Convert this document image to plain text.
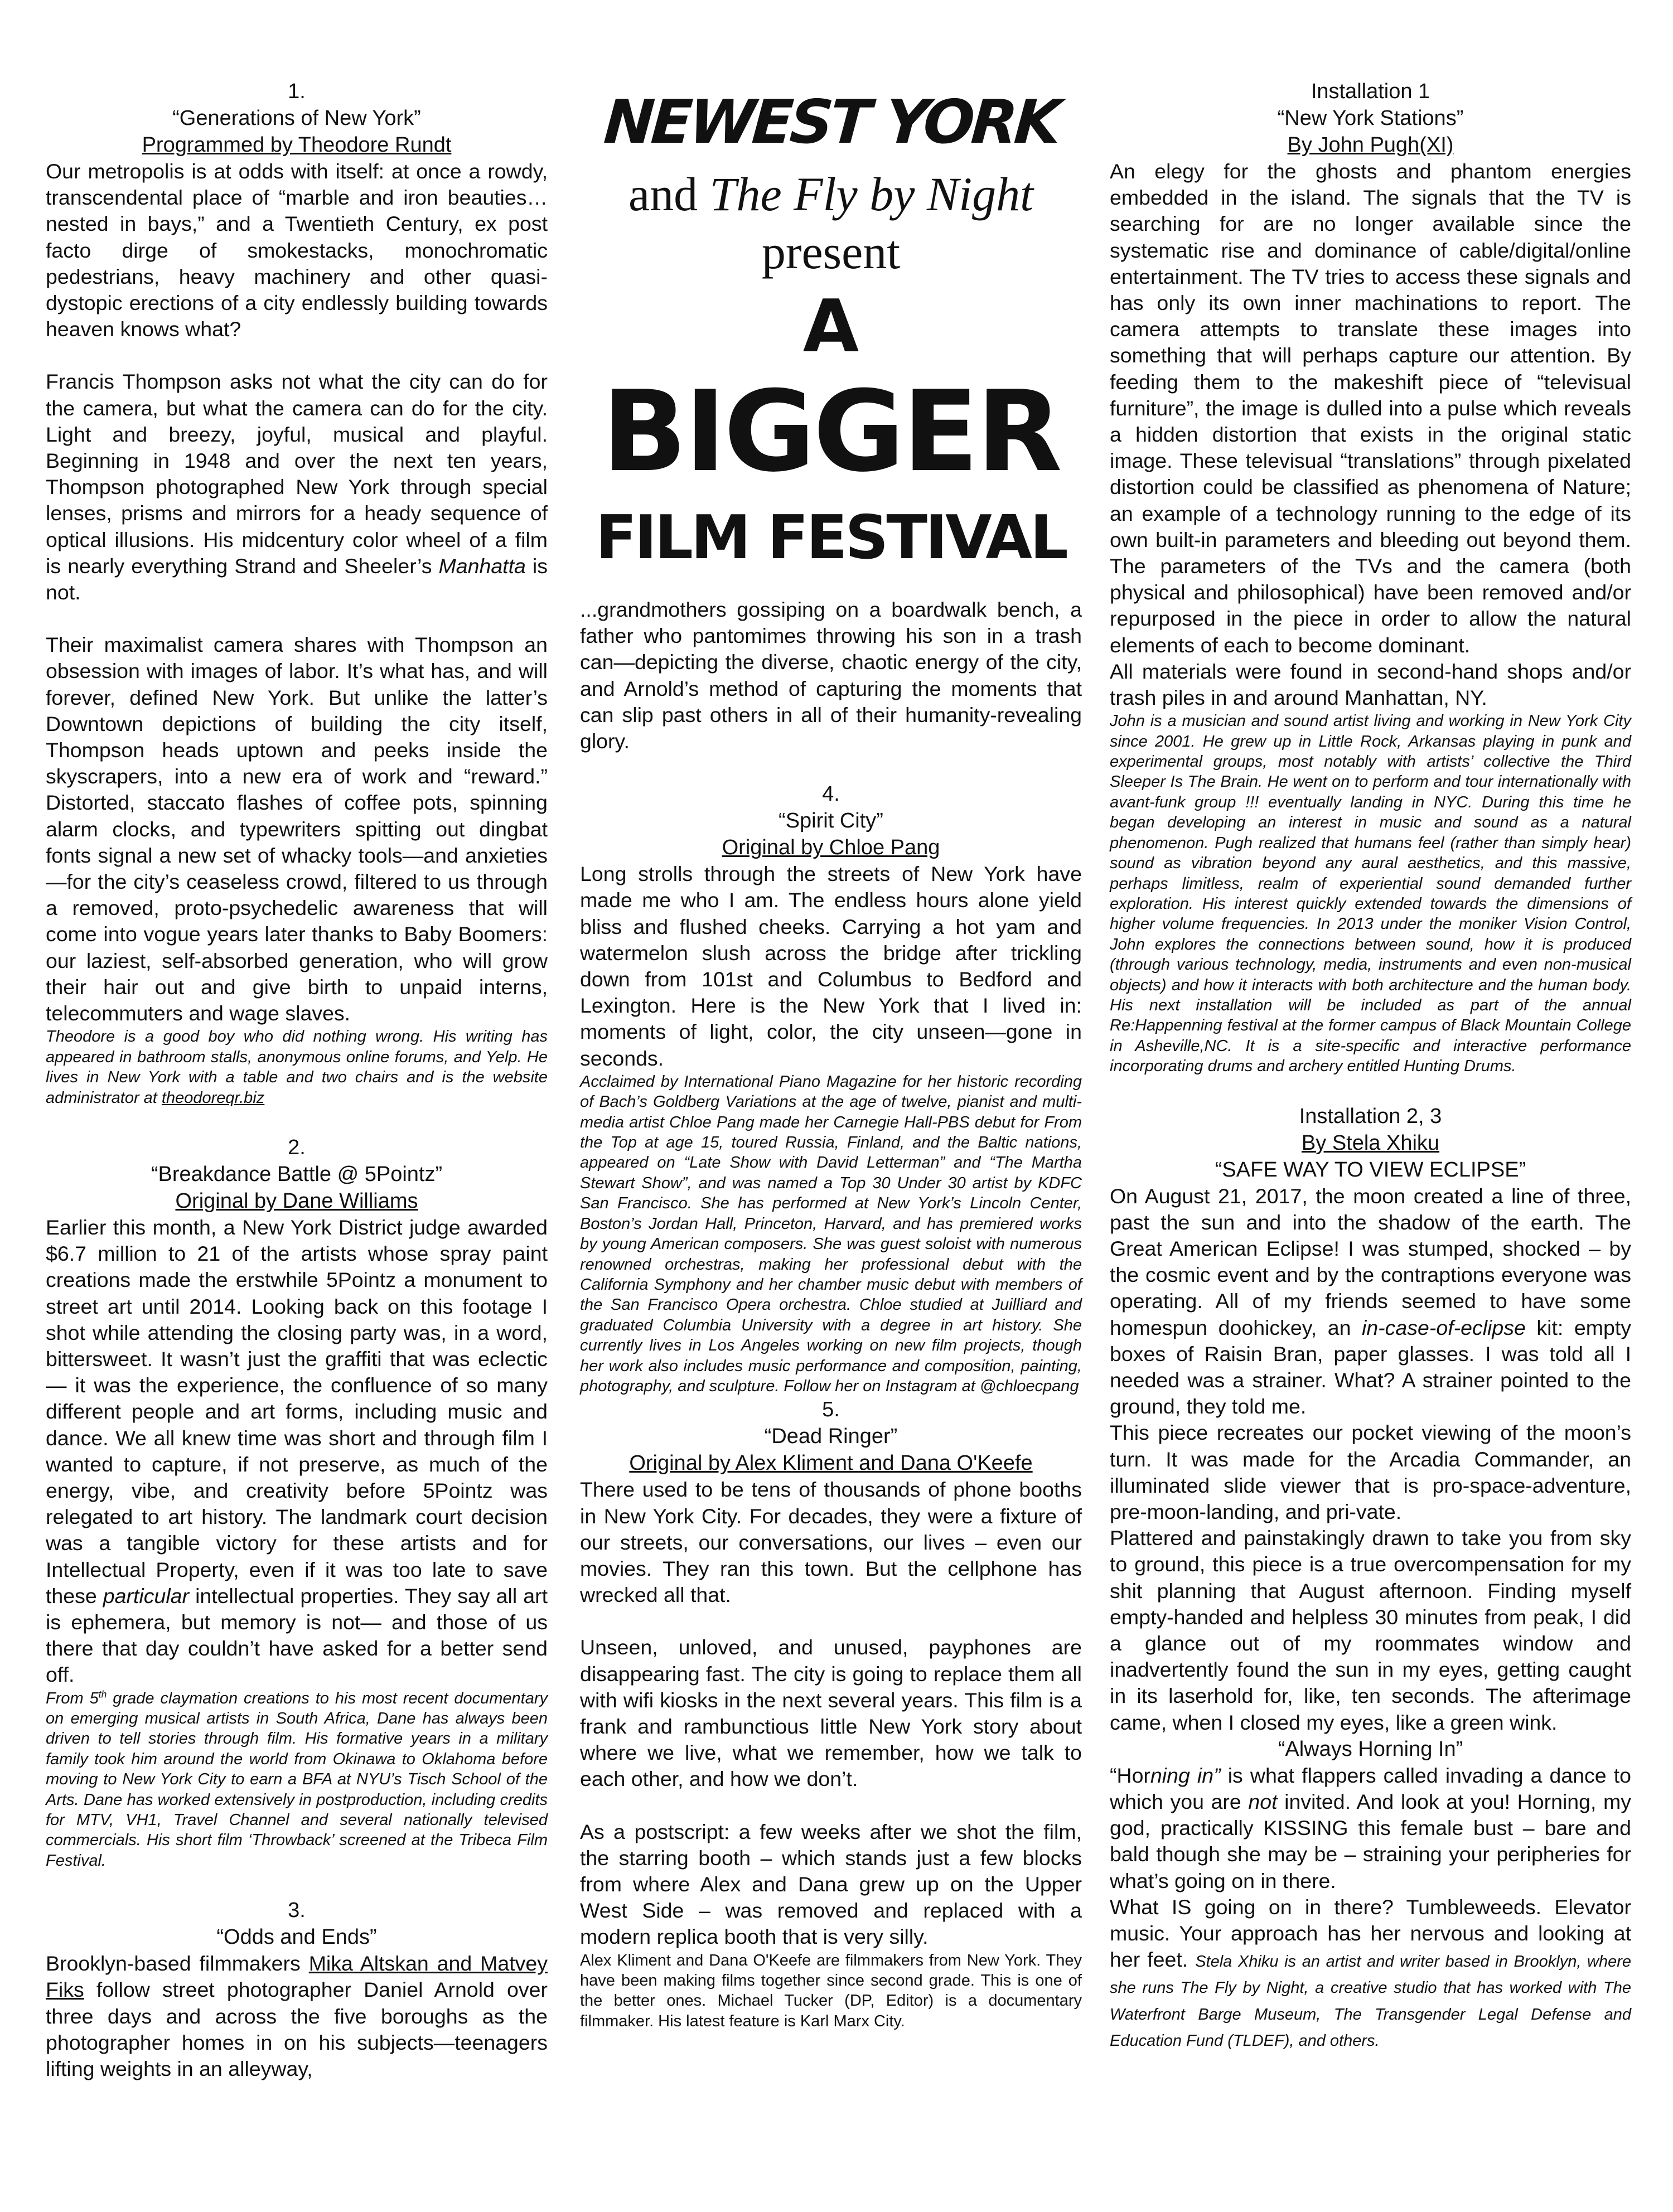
1.
“Generations of New York”
Programmed by Theodore Rundt

Our metropolis is at odds with itself: at once a rowdy, transcendental place of “marble and iron beauties… nested in bays,” and a Twentieth Century, ex post facto dirge of smokestacks, monochromatic pedestrians, heavy machinery and other quasi-dystopic erections of a city endlessly building towards heaven knows what?

Francis Thompson asks not what the city can do for the camera, but what the camera can do for the city. Light and breezy, joyful, musical and playful. Beginning in 1948 and over the next ten years, Thompson photographed New York through special lenses, prisms and mirrors for a heady sequence of optical illusions. His midcentury color wheel of a film is nearly everything Strand and Sheeler’s Manhatta is not.

Their maximalist camera shares with Thompson an obsession with images of labor. It’s what has, and will forever, defined New York. But unlike the latter’s Downtown depictions of building the city itself, Thompson heads uptown and peeks inside the skyscrapers, into a new era of work and “reward.” Distorted, staccato flashes of coffee pots, spinning alarm clocks, and typewriters spitting out dingbat fonts signal a new set of whacky tools—and anxieties—for the city’s ceaseless crowd, filtered to us through a removed, proto-psychedelic awareness that will come into vogue years later thanks to Baby Boomers: our laziest, self-absorbed generation, who will grow their hair out and give birth to unpaid interns, telecommuters and wage slaves.

Theodore is a good boy who did nothing wrong. His writing has appeared in bathroom stalls, anonymous online forums, and Yelp. He lives in New York with a table and two chairs and is the website administrator at theodoreqr.biz

2.
“Breakdance Battle @ 5Pointz”
Original by Dane Williams

Earlier this month, a New York District judge awarded $6.7 million to 21 of the artists whose spray paint creations made the erstwhile 5Pointz a monument to street art until 2014. Looking back on this footage I shot while attending the closing party was, in a word, bittersweet. It wasn’t just the graffiti that was eclectic— it was the experience, the confluence of so many different people and art forms, including music and dance. We all knew time was short and through film I wanted to capture, if not preserve, as much of the energy, vibe, and creativity before 5Pointz was relegated to art history. The landmark court decision was a tangible victory for these artists and for Intellectual Property, even if it was too late to save these particular intellectual properties. They say all art is ephemera, but memory is not— and those of us there that day couldn’t have asked for a better send off.

From 5th grade claymation creations to his most recent documentary on emerging musical artists in South Africa, Dane has always been driven to tell stories through film. His formative years in a military family took him around the world from Okinawa to Oklahoma before moving to New York City to earn a BFA at NYU’s Tisch School of the Arts. Dane has worked extensively in postproduction, including credits for MTV, VH1, Travel Channel and several nationally televised commercials. His short film ‘Throwback’ screened at the Tribeca Film Festival.

3.
“Odds and Ends”

Brooklyn-based filmmakers Mika Altskan and Matvey Fiks follow street photographer Daniel Arnold over three days and across the five boroughs as the photographer homes in on his subjects—teenagers lifting weights in an alleyway,

NEWEST YORK

and The Fly by Night

present

A

BIGGER

FILM FESTIVAL

...grandmothers gossiping on a boardwalk bench, a father who pantomimes throwing his son in a trash can—depicting the diverse, chaotic energy of the city, and Arnold’s method of capturing the moments that can slip past others in all of their humanity-revealing glory.

4.
“Spirit City”
Original by Chloe Pang

Long strolls through the streets of New York have made me who I am. The endless hours alone yield bliss and flushed cheeks. Carrying a hot yam and watermelon slush across the bridge after trickling down from 101st and Columbus to Bedford and Lexington. Here is the New York that I lived in: moments of light, color, the city unseen—gone in seconds.

Acclaimed by International Piano Magazine for her historic recording of Bach’s Goldberg Variations at the age of twelve, pianist and multi-media artist Chloe Pang made her Carnegie Hall-PBS debut for From the Top at age 15, toured Russia, Finland, and the Baltic nations, appeared on “Late Show with David Letterman” and “The Martha Stewart Show”, and was named a Top 30 Under 30 artist by KDFC San Francisco. She has performed at New York’s Lincoln Center, Boston’s Jordan Hall, Princeton, Harvard, and has premiered works by young American composers. She was guest soloist with numerous renowned orchestras, making her professional debut with the California Symphony and her chamber music debut with members of the San Francisco Opera orchestra. Chloe studied at Juilliard and graduated Columbia University with a degree in art history. She currently lives in Los Angeles working on new film projects, though her work also includes music performance and composition, painting, photography, and sculpture. Follow her on Instagram at @chloecpang

5.
“Dead Ringer”
Original by Alex Kliment and Dana O'Keefe

There used to be tens of thousands of phone booths in New York City. For decades, they were a fixture of our streets, our conversations, our lives – even our movies. They ran this town. But the cellphone has wrecked all that.

Unseen, unloved, and unused, payphones are disappearing fast. The city is going to replace them all with wifi kiosks in the next several years. This film is a frank and rambunctious little New York story about where we live, what we remember, how we talk to each other, and how we don’t.

As a postscript: a few weeks after we shot the film, the starring booth – which stands just a few blocks from where Alex and Dana grew up on the Upper West Side – was removed and replaced with a modern replica booth that is very silly.

Alex Kliment and Dana O'Keefe are filmmakers from New York. They have been making films together since second grade. This is one of the better ones. Michael Tucker (DP, Editor) is a documentary filmmaker. His latest feature is Karl Marx City.

Installation 1
“New York Stations”
By John Pugh(XI)

An elegy for the ghosts and phantom energies embedded in the island. The signals that the TV is searching for are no longer available since the systematic rise and dominance of cable/digital/online entertainment. The TV tries to access these signals and has only its own inner machinations to report. The camera attempts to translate these images into something that will perhaps capture our attention. By feeding them to the makeshift piece of “televisual furniture”, the image is dulled into a pulse which reveals a hidden distortion that exists in the original static image. These televisual “translations” through pixelated distortion could be classified as phenomena of Nature; an example of a technology running to the edge of its own built-in parameters and bleeding out beyond them. The parameters of the TVs and the camera (both physical and philosophical) have been removed and/or repurposed in the piece in order to allow the natural elements of each to become dominant.

All materials were found in second-hand shops and/or trash piles in and around Manhattan, NY.

John is a musician and sound artist living and working in New York City since 2001. He grew up in Little Rock, Arkansas playing in punk and experimental groups, most notably with artists’ collective the Third Sleeper Is The Brain. He went on to perform and tour internationally with avant-funk group !!! eventually landing in NYC. During this time he began developing an interest in music and sound as a natural phenomenon. Pugh realized that humans feel (rather than simply hear) sound as vibration beyond any aural aesthetics, and this massive, perhaps limitless, realm of experiential sound demanded further exploration. His interest quickly extended towards the dimensions of higher volume frequencies. In 2013 under the moniker Vision Control, John explores the connections between sound, how it is produced (through various technology, media, instruments and even non-musical objects) and how it interacts with both architecture and the human body. His next installation will be included as part of the annual Re:Happenning festival at the former campus of Black Mountain College in Asheville,NC. It is a site-specific and interactive performance incorporating drums and archery entitled Hunting Drums.

Installation 2, 3
By Stela Xhiku
“SAFE WAY TO VIEW ECLIPSE”

On August 21, 2017, the moon created a line of three, past the sun and into the shadow of the earth. The Great American Eclipse! I was stumped, shocked – by the cosmic event and by the contraptions everyone was operating. All of my friends seemed to have some homespun doohickey, an in-case-of-eclipse kit: empty boxes of Raisin Bran, paper glasses. I was told all I needed was a strainer. What? A strainer pointed to the ground, they told me.

This piece recreates our pocket viewing of the moon’s turn. It was made for the Arcadia Commander, an illuminated slide viewer that is pro-space-adventure, pre-moon-landing, and pri-vate.

Plattered and painstakingly drawn to take you from sky to ground, this piece is a true overcompensation for my shit planning that August afternoon. Finding myself empty-handed and helpless 30 minutes from peak, I did a glance out of my roommates window and inadvertently found the sun in my eyes, getting caught in its laserhold for, like, ten seconds. The afterimage came, when I closed my eyes, like a green wink.

“Always Horning In”

“Horning in” is what flappers called invading a dance to which you are not invited. And look at you! Horning, my god, practically KISSING this female bust – bare and bald though she may be – straining your peripheries for what’s going on in there.

What IS going on in there? Tumbleweeds. Elevator music. Your approach has her nervous and looking at her feet. Stela Xhiku is an artist and writer based in Brooklyn, where she runs The Fly by Night, a creative studio that has worked with The Waterfront Barge Museum, The Transgender Legal Defense and Education Fund (TLDEF), and others.
